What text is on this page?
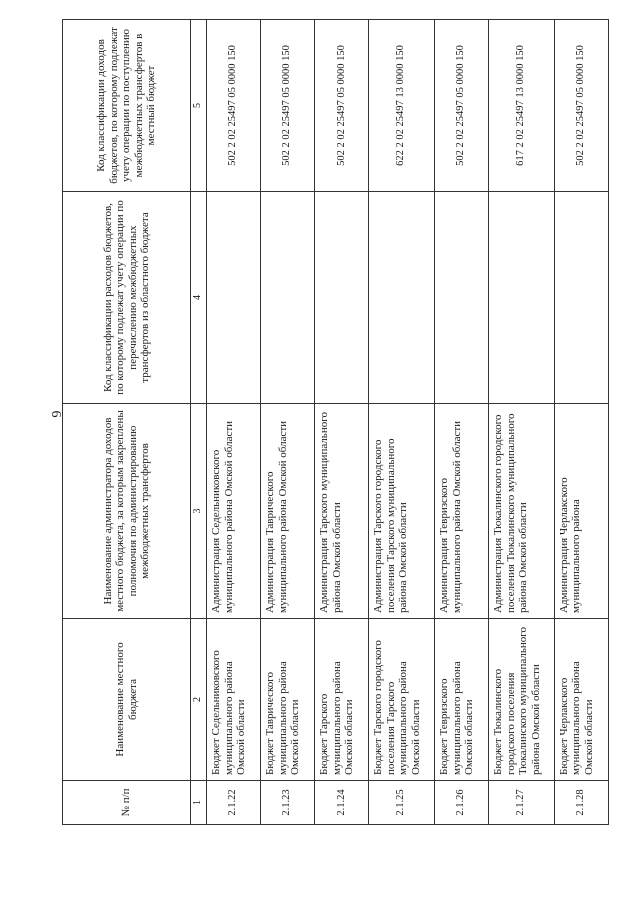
6
№ п/п	Наименование местного бюджета	Наименование администратора доходов местного бюджета, за которым закреплены полномочия по администрированию межбюджетных трансфертов	Код классификации расходов бюджетов, по которому подлежат учету операции по перечислению межбюджетных трансфертов из областного бюджета	Код классификации доходов бюджетов, по которому подлежат учету операции по поступлению межбюджетных трансфертов в местный бюджет
1	2	3	4	5
2.1.22	Бюджет Седельниковского муниципального района Омской области	Администрация Седельниковского муниципального района Омской области		502 2 02 25497 05 0000 150
2.1.23	Бюджет Таврического муниципального района Омской области	Администрация Таврического муниципального района Омской области		502 2 02 25497 05 0000 150
2.1.24	Бюджет Тарского муниципального района Омской области	Администрация Тарского муниципального района Омской области		502 2 02 25497 05 0000 150
2.1.25	Бюджет Тарского городского поселения Тарского муниципального района Омской области	Администрация Тарского городского поселения Тарского муниципального района Омской области		622 2 02 25497 13 0000 150
2.1.26	Бюджет Тевризского муниципального района Омской области	Администрация Тевризского муниципального района Омской области		502 2 02 25497 05 0000 150
2.1.27	Бюджет Тюкалинского городского поселения Тюкалинского муниципального района Омской области	Администрация Тюкалинского городского поселения Тюкалинского муниципального района Омской области		617 2 02 25497 13 0000 150
2.1.28	Бюджет Черлакского муниципального района Омской области	Администрация Черлакского муниципального района		502 2 02 25497 05 0000 150
